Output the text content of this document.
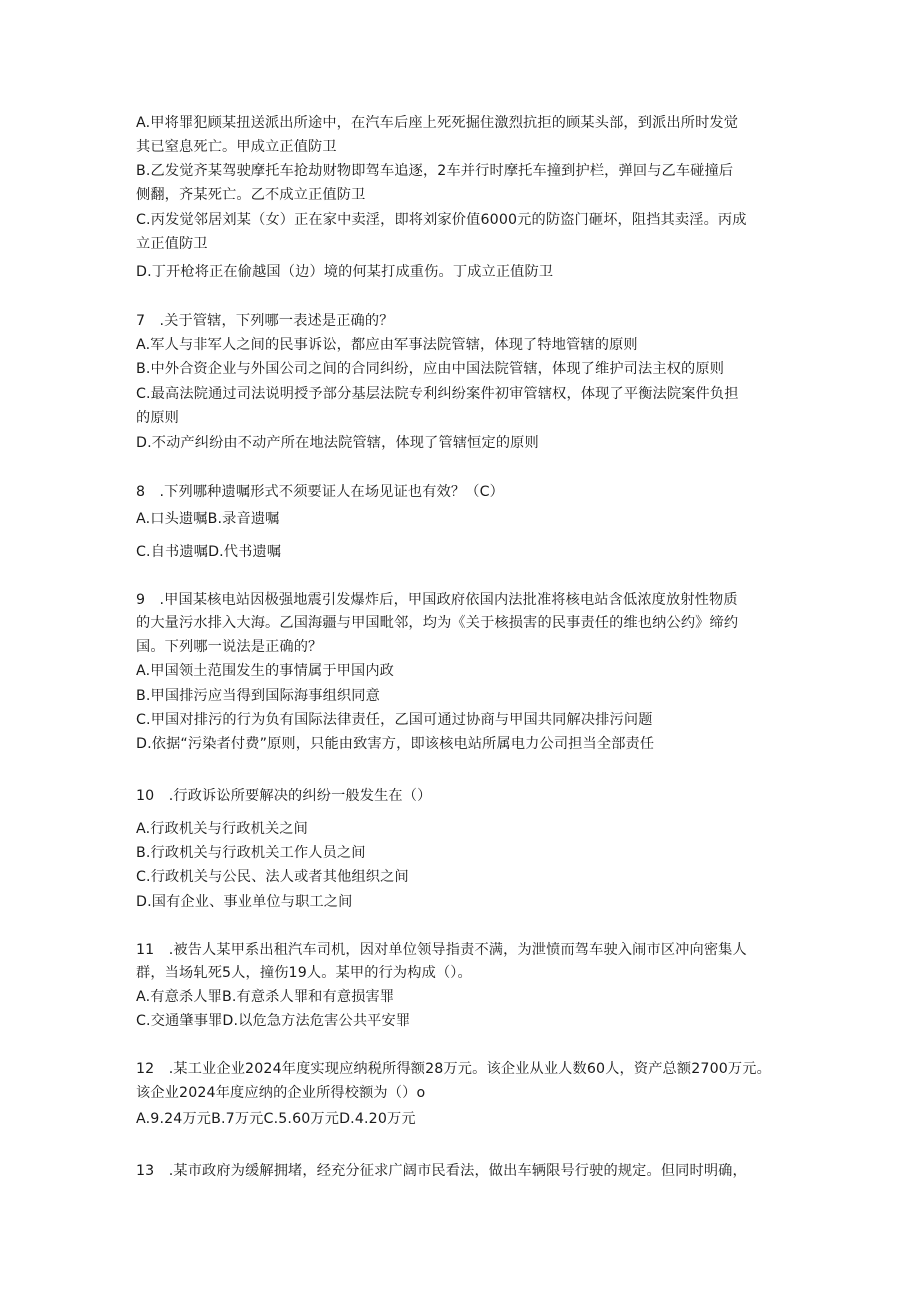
A.甲将罪犯顾某扭送派出所途中，在汽车后座上死死掘住激烈抗拒的顾某头部，到派出所时发觉
其已窒息死亡。甲成立正值防卫
B.乙发觉齐某驾驶摩托车抢劫财物即驾车追逐，2车并行时摩托车撞到护栏，弹回与乙车碰撞后
侧翻，齐某死亡。乙不成立正值防卫
C.丙发觉邻居刘某（女）正在家中卖淫，即将刘家价值6000元的防盗门砸坏，阻挡其卖淫。丙成
立正值防卫
D.丁开枪将正在偷越国（边）境的何某打成重伤。丁成立正值防卫
7　.关于管辖，下列哪一表述是正确的？
A.军人与非军人之间的民事诉讼，都应由军事法院管辖，体现了特地管辖的原则
B.中外合资企业与外国公司之间的合同纠纷，应由中国法院管辖，体现了维护司法主权的原则
C.最高法院通过司法说明授予部分基层法院专利纠纷案件初审管辖权，体现了平衡法院案件负担
的原则
D.不动产纠纷由不动产所在地法院管辖，体现了管辖恒定的原则
8　.下列哪种遗嘱形式不须要证人在场见证也有效？（C）
A.口头遗嘱B.录音遗嘱
C.自书遗嘱D.代书遗嘱
9　.甲国某核电站因极强地震引发爆炸后，甲国政府依国内法批准将核电站含低浓度放射性物质
的大量污水排入大海。乙国海疆与甲国毗邻，均为《关于核损害的民事责任的维也纳公约》缔约
国。下列哪一说法是正确的？
A.甲国领土范围发生的事情属于甲国内政
B.甲国排污应当得到国际海事组织同意
C.甲国对排污的行为负有国际法律责任，乙国可通过协商与甲国共同解决排污问题
D.依据“污染者付费”原则，只能由致害方，即该核电站所属电力公司担当全部责任
10　.行政诉讼所要解决的纠纷一般发生在（）
A.行政机关与行政机关之间
B.行政机关与行政机关工作人员之间
C.行政机关与公民、法人或者其他组织之间
D.国有企业、事业单位与职工之间
11　.被告人某甲系出租汽车司机，因对单位领导指责不满，为泄愤而驾车驶入闹市区冲向密集人
群，当场轧死5人，撞伤19人。某甲的行为构成（）。
A.有意杀人罪B.有意杀人罪和有意损害罪
C.交通肇事罪D.以危急方法危害公共平安罪
12　.某工业企业2024年度实现应纳税所得额28万元。该企业从业人数60人，资产总额2700万元。
该企业2024年度应纳的企业所得校额为（）o
A.9.24万元B.7万元C.5.60万元D.4.20万元
13　.某市政府为缓解拥堵，经充分征求广阔市民看法，做出车辆限号行驶的规定。但同时明确，
